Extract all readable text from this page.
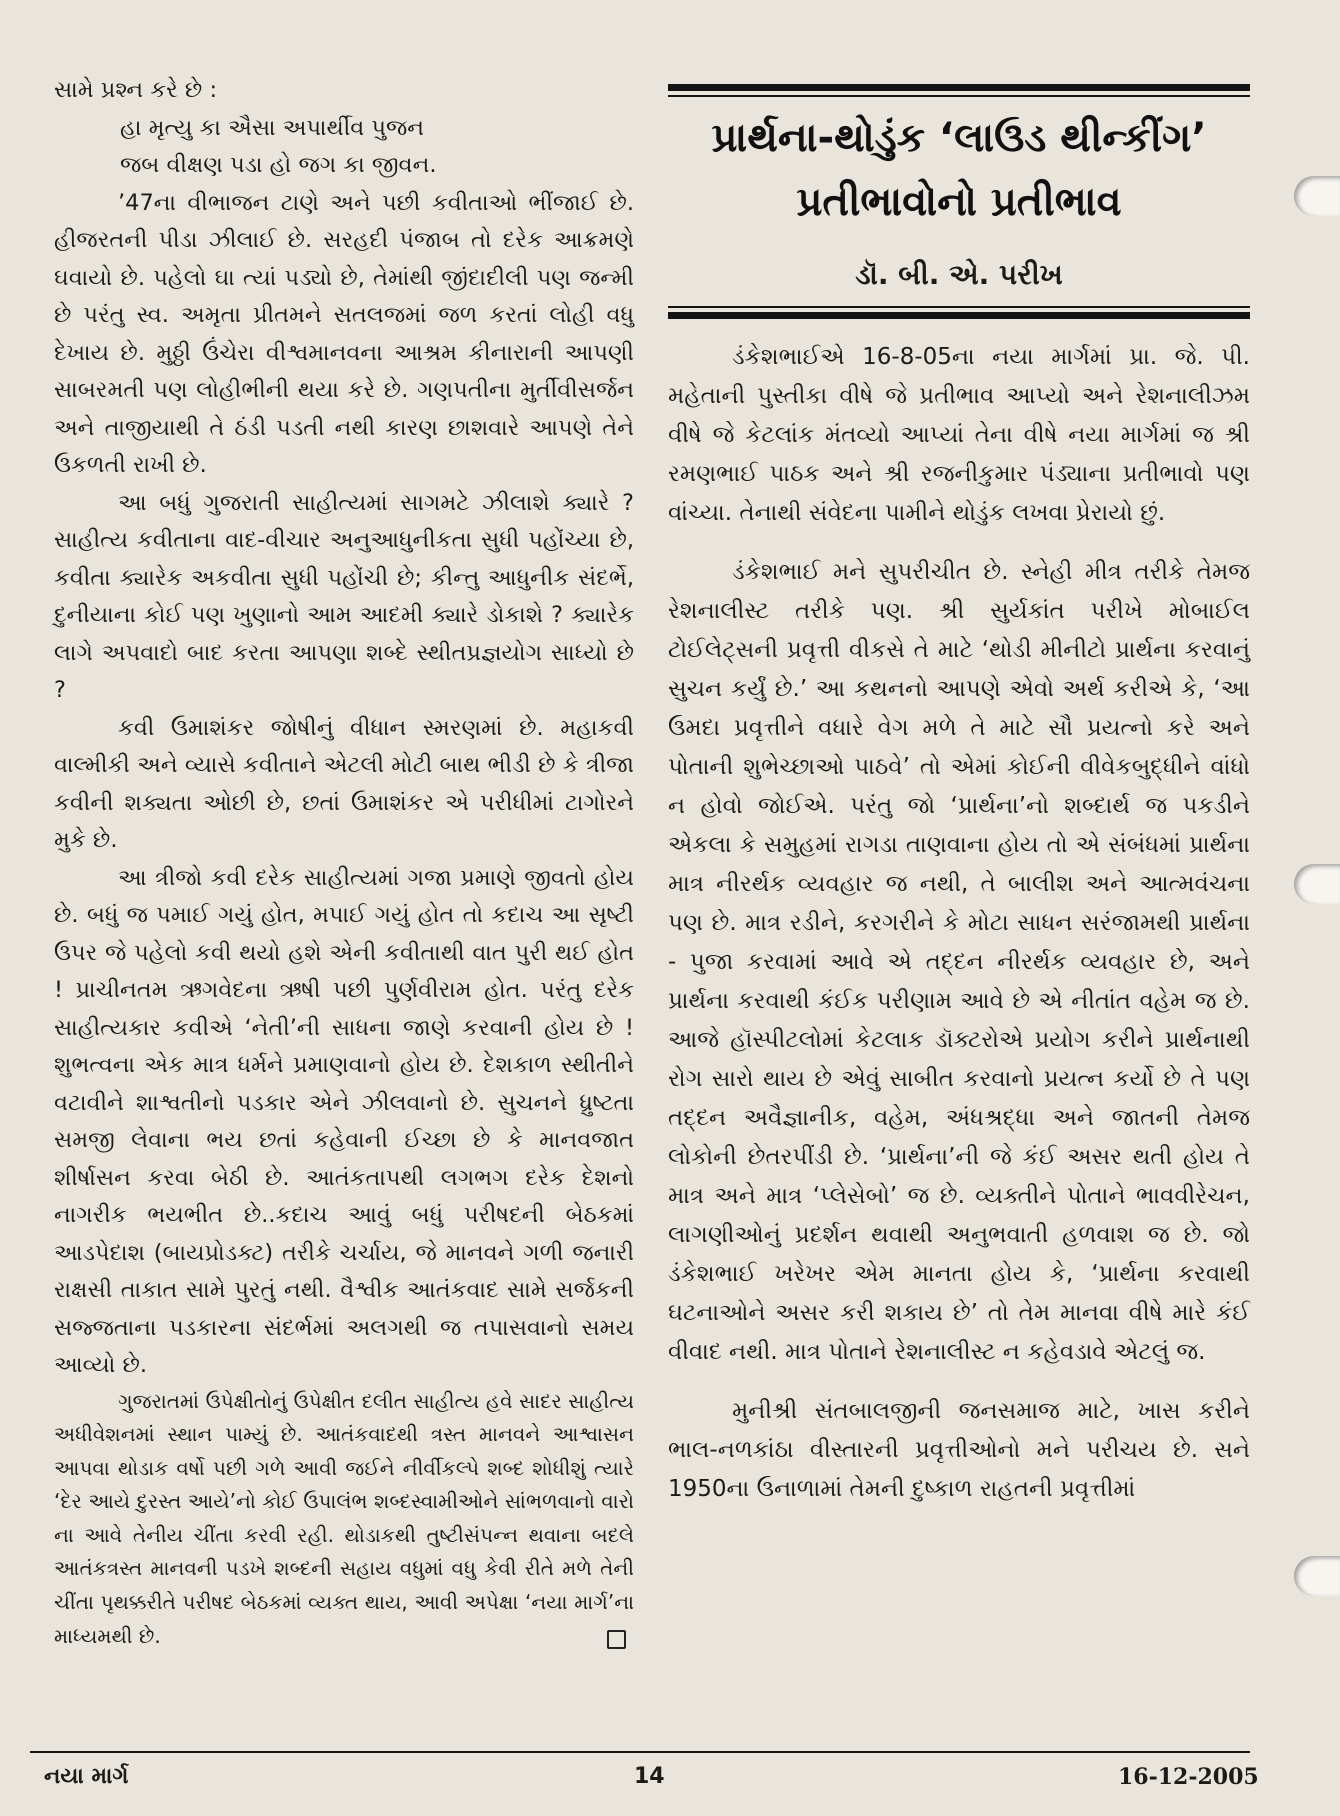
સામે પ્રશ્ન કરે છે :

હા મૃત્યુ કા ઐસા અપાર્થીવ પુજન

જબ વીક્ષણ પડા હો જગ કા જીવન.

’47ના વીભાજન ટાણે અને પછી કવીતાઓ ભીંજાઈ છે. હીજરતની પીડા ઝીલાઈ છે. સરહદી પંજાબ તો દરેક આક્રમણે ઘવાયો છે. પહેલો ઘા ત્યાં પડ્યો છે, તેમાંથી જીંદાદીલી પણ જન્મી છે પરંતુ સ્વ. અમૃતા પ્રીતમને સતલજમાં જળ કરતાં લોહી વધુ દેખાય છે. મુઠ્ઠી ઉંચેરા વીશ્વમાનવના આશ્રમ કીનારાની આપણી સાબરમતી પણ લોહીભીની થયા કરે છે. ગણપતીના મુર્તીવીસર્જન અને તાજીયાથી તે ઠંડી પડતી નથી કારણ છાશવારે આપણે તેને ઉકળતી રાખી છે.

આ બધું ગુજરાતી સાહીત્યમાં સાગમટે ઝીલાશે ક્યારે ? સાહીત્ય કવીતાના વાદ-વીચાર અનુઆધુનીકતા સુધી પહોંચ્યા છે, કવીતા ક્યારેક અકવીતા સુધી પહોંચી છે; કીન્તુ આધુનીક સંદર્ભે, દુનીયાના કોઈ પણ ખુણાનો આમ આદમી ક્યારે ડોકાશે ? ક્યારેક લાગે અપવાદો બાદ કરતા આપણા શબ્દે સ્થીતપ્રજ્ઞયોગ સાધ્યો છે ?

કવી ઉમાશંકર જોષીનું વીધાન સ્મરણમાં છે. મહાકવી વાલ્મીકી અને વ્યાસે કવીતાને એટલી મોટી બાથ ભીડી છે કે ત્રીજા કવીની શક્યતા ઓછી છે, છતાં ઉમાશંકર એ પરીધીમાં ટાગોરને મુકે છે.

આ ત્રીજો કવી દરેક સાહીત્યમાં ગજા પ્રમાણે જીવતો હોય છે. બધું જ પમાઈ ગયું હોત, મપાઈ ગયું હોત તો કદાચ આ સૃષ્ટી ઉપર જે પહેલો કવી થયો હશે એની કવીતાથી વાત પુરી થઈ હોત ! પ્રાચીનતમ ઋગવેદના ઋષી પછી પુર્ણવીરામ હોત. પરંતુ દરેક સાહીત્યકાર કવીએ ‘નેતી’ની સાધના જાણે કરવાની હોય છે ! શુભત્વના એક માત્ર ધર્મને પ્રમાણવાનો હોય છે. દેશકાળ સ્થીતીને વટાવીને શાશ્વતીનો પડકાર એને ઝીલવાનો છે. સુચનને ધ્રુષ્ટતા સમજી લેવાના ભય છતાં કહેવાની ઈચ્છા છે કે માનવજાત શીર્ષાસન કરવા બેઠી છે. આતંકતાપથી લગભગ દરેક દેશનો નાગરીક ભયભીત છે..કદાચ આવું બધું પરીષદની બેઠકમાં આડપેદાશ (બાયપ્રોડક્ટ) તરીકે ચર્ચાય, જે માનવને ગળી જનારી રાક્ષસી તાકાત સામે પુરતું નથી. વૈશ્વીક આતંકવાદ સામે સર્જકની સજ્જતાના પડકારના સંદર્ભમાં અલગથી જ તપાસવાનો સમય આવ્યો છે.

ગુજરાતમાં ઉપેક્ષીતોનું ઉપેક્ષીત દલીત સાહીત્ય હવે સાદર સાહીત્ય અધીવેશનમાં સ્થાન પામ્યું છે. આતંકવાદથી ત્રસ્ત માનવને આશ્વાસન આપવા થોડાક વર્ષો પછી ગળે આવી જઈને નીર્વીકલ્પે શબ્દ શોધીશું ત્યારે ‘દેર આયે દુરસ્ત આયે’નો કોઈ ઉપાલંભ શબ્દસ્વામીઓને સાંભળવાનો વારો ના આવે તેનીય ચીંતા કરવી રહી. થોડાકથી તુષ્ટીસંપન્ન થવાના બદલે આતંકત્રસ્ત માનવની પડખે શબ્દની સહાય વધુમાં વધુ કેવી રીતે મળે તેની ચીંતા પૃથક્કરીતે પરીષદ બેઠકમાં વ્યક્ત થાય, આવી અપેક્ષા ‘નયા માર્ગ’ના માધ્યમથી છે.

પ્રાર્થના-થોડુંક ‘લાઉડ થીન્કીંગ’
પ્રતીભાવોનો પ્રતીભાવ
ડૉ. બી. એ. પરીખ

ડંકેશભાઈએ 16-8-05ના નયા માર્ગમાં પ્રા. જે. પી. મહેતાની પુસ્તીકા વીષે જે પ્રતીભાવ આપ્યો અને રેશનાલીઝમ વીષે જે કેટલાંક મંતવ્યો આપ્યાં તેના વીષે નયા માર્ગમાં જ શ્રી રમણભાઈ પાઠક અને શ્રી રજનીકુમાર પંડ્યાના પ્રતીભાવો પણ વાંચ્યા. તેનાથી સંવેદના પામીને થોડુંક લખવા પ્રેરાયો છું.

ડંકેશભાઈ મને સુપરીચીત છે. સ્નેહી મીત્ર તરીકે તેમજ રેશનાલીસ્ટ તરીકે પણ. શ્રી સુર્યકાંત પરીખે મોબાઈલ ટોઈલેટ્સની પ્રવૃત્તી વીકસે તે માટે ‘થોડી મીનીટો પ્રાર્થના કરવાનું સુચન કર્યું છે.’ આ કથનનો આપણે એવો અર્થ કરીએ કે, ‘આ ઉમદા પ્રવૃત્તીને વધારે વેગ મળે તે માટે સૌ પ્રયત્નો કરે અને પોતાની શુભેચ્છાઓ પાઠવે’ તો એમાં કોઈની વીવેકબુદ્ધીને વાંધો ન હોવો જોઈએ. પરંતુ જો ‘પ્રાર્થના’નો શબ્દાર્થ જ પકડીને એકલા કે સમુહમાં રાગડા તાણવાના હોય તો એ સંબંધમાં પ્રાર્થના માત્ર નીરર્થક વ્યવહાર જ નથી, તે બાલીશ અને આત્મવંચના પણ છે. માત્ર રડીને, કરગરીને કે મોટા સાધન સરંજામથી પ્રાર્થના - પુજા કરવામાં આવે એ તદ્દન નીરર્થક વ્યવહાર છે, અને પ્રાર્થના કરવાથી કંઈક પરીણામ આવે છે એ નીતાંત વહેમ જ છે. આજે હૉસ્પીટલોમાં કેટલાક ડૉક્ટરોએ પ્રયોગ કરીને પ્રાર્થનાથી રોગ સારો થાય છે એવું સાબીત કરવાનો પ્રયત્ન કર્યો છે તે પણ તદ્દન અવૈજ્ઞાનીક, વહેમ, અંધશ્રદ્ધા અને જાતની તેમજ લોકોની છેતરપીંડી છે. ‘પ્રાર્થના’ની જે કંઈ અસર થતી હોય તે માત્ર અને માત્ર ‘પ્લેસેબો’ જ છે. વ્યક્તીને પોતાને ભાવવીરેચન, લાગણીઓનું પ્રદર્શન થવાથી અનુભવાતી હળવાશ જ છે. જો ડંકેશભાઈ ખરેખર એમ માનતા હોય કે, ‘પ્રાર્થના કરવાથી ઘટનાઓને અસર કરી શકાય છે’ તો તેમ માનવા વીષે મારે કંઈ વીવાદ નથી. માત્ર પોતાને રેશનાલીસ્ટ ન કહેવડાવે એટલું જ.

મુનીશ્રી સંતબાલજીની જનસમાજ માટે, ખાસ કરીને ભાલ-નળકાંઠા વીસ્તારની પ્રવૃત્તીઓનો મને પરીચય છે. સને 1950ના ઉનાળામાં તેમની દુષ્કાળ રાહતની પ્રવૃત્તીમાં

નયા માર્ગ	14	16-12-2005
